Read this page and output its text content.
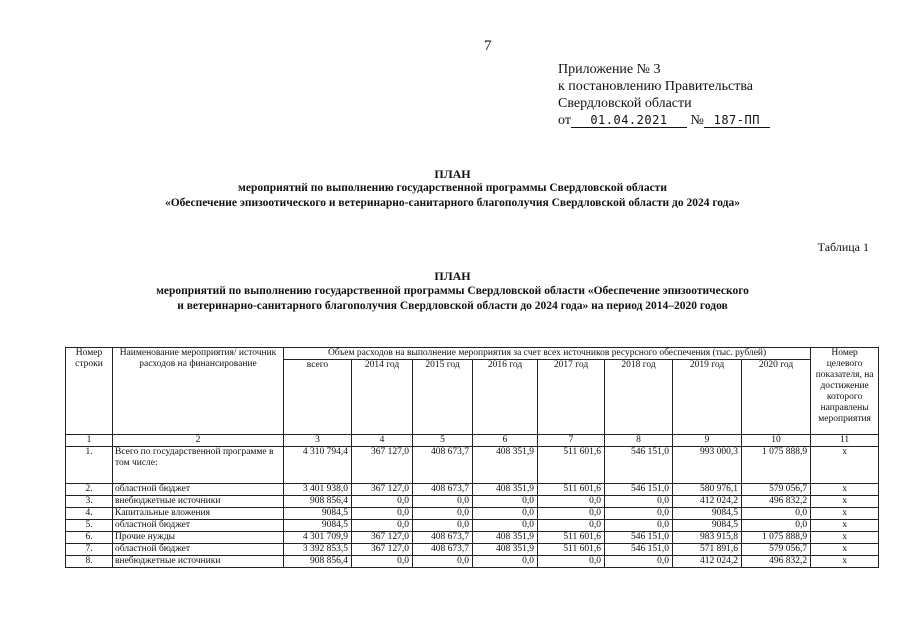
7
Приложение № 3
к постановлению Правительства
Свердловской области
от 01.04.2021 № 187-ПП
ПЛАН
мероприятий по выполнению государственной программы Свердловской области
«Обеспечение эпизоотического и ветеринарно-санитарного благополучия Свердловской области до 2024 года»
Таблица 1
ПЛАН
мероприятий по выполнению государственной программы Свердловской области «Обеспечение эпизоотического
и ветеринарно-санитарного благополучия Свердловской области до 2024 года» на период 2014–2020 годов
Номер строки	Наименование мероприятия/ источник расходов на финансирование	Объем расходов на выполнение мероприятия за счет всех источников ресурсного обеспечения (тыс. рублей)								Номер целевого показателя, на достижение которого направлены мероприятия
		всего	2014 год	2015 год	2016 год	2017 год	2018 год	2019 год	2020 год	
1	2	3	4	5	6	7	8	9	10	11
1.	Всего по государственной программе в том числе:	4 310 794,4	367 127,0	408 673,7	408 351,9	511 601,6	546 151,0	993 000,3	1 075 888,9	x
2.	областной бюджет	3 401 938,0	367 127,0	408 673,7	408 351,9	511 601,6	546 151,0	580 976,1	579 056,7	x
3.	внебюджетные источники	908 856,4	0,0	0,0	0,0	0,0	0,0	412 024,2	496 832,2	x
4.	Капитальные вложения	9084,5	0,0	0,0	0,0	0,0	0,0	9084,5	0,0	x
5.	областной бюджет	9084,5	0,0	0,0	0,0	0,0	0,0	9084,5	0,0	x
6.	Прочие нужды	4 301 709,9	367 127,0	408 673,7	408 351,9	511 601,6	546 151,0	983 915,8	1 075 888,9	x
7.	областной бюджет	3 392 853,5	367 127,0	408 673,7	408 351,9	511 601,6	546 151,0	571 891,6	579 056,7	x
8.	внебюджетные источники	908 856,4	0,0	0,0	0,0	0,0	0,0	412 024,2	496 832,2	x
